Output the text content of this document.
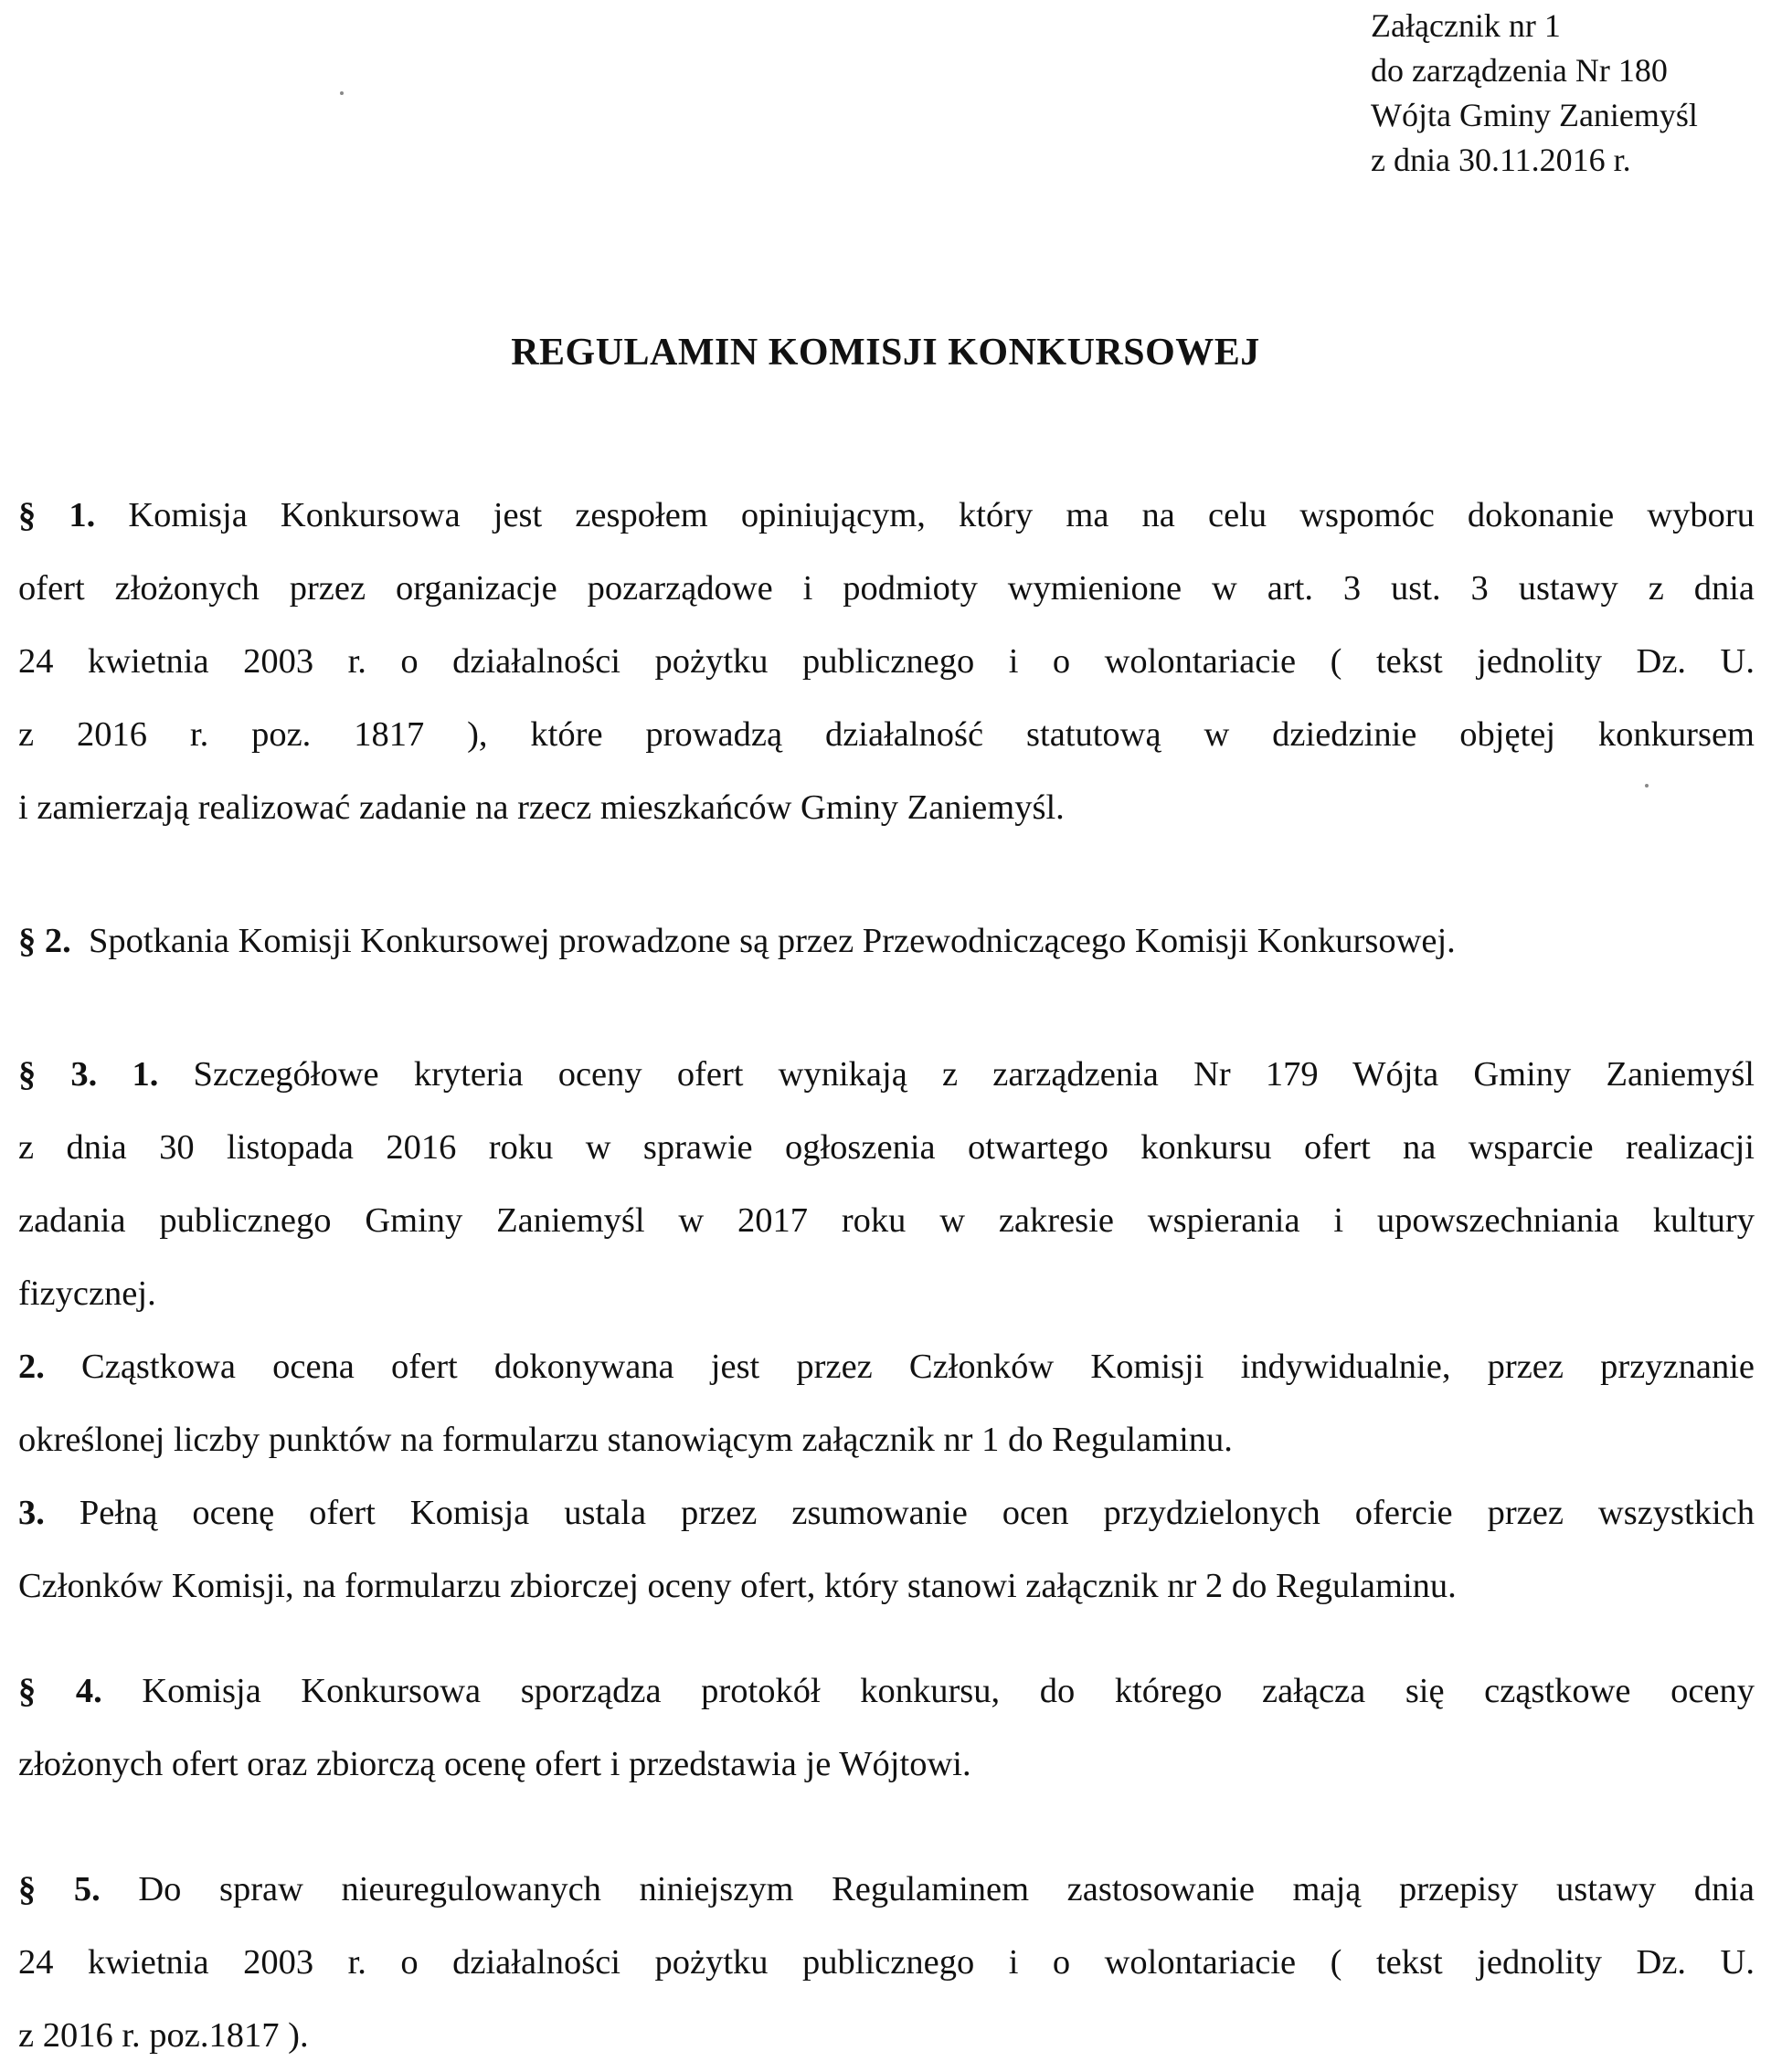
Załącznik nr 1
do zarządzenia Nr 180
Wójta Gminy Zaniemyśl
z dnia 30.11.2016 r.
REGULAMIN KOMISJI KONKURSOWEJ
§ 1. Komisja Konkursowa jest zespołem opiniującym, który ma na celu wspomóc dokonanie wyboru
ofert złożonych przez organizacje pozarządowe i podmioty wymienione w art. 3 ust. 3 ustawy z dnia
24 kwietnia 2003 r. o działalności pożytku publicznego i o wolontariacie ( tekst jednolity Dz. U.
z 2016 r. poz. 1817 ), które prowadzą działalność statutową w dziedzinie objętej konkursem
i zamierzają realizować zadanie na rzecz mieszkańców Gminy Zaniemyśl.
§ 2. Spotkania Komisji Konkursowej prowadzone są przez Przewodniczącego Komisji Konkursowej.
§ 3. 1. Szczegółowe kryteria oceny ofert wynikają z zarządzenia Nr 179 Wójta Gminy Zaniemyśl
z dnia 30 listopada 2016 roku w sprawie ogłoszenia otwartego konkursu ofert na wsparcie realizacji
zadania publicznego Gminy Zaniemyśl w 2017 roku w zakresie wspierania i upowszechniania kultury
fizycznej.
2. Cząstkowa ocena ofert dokonywana jest przez Członków Komisji indywidualnie, przez przyznanie
określonej liczby punktów na formularzu stanowiącym załącznik nr 1 do Regulaminu.
3. Pełną ocenę ofert Komisja ustala przez zsumowanie ocen przydzielonych ofercie przez wszystkich
Członków Komisji, na formularzu zbiorczej oceny ofert, który stanowi załącznik nr 2 do Regulaminu.
§ 4. Komisja Konkursowa sporządza protokół konkursu, do którego załącza się cząstkowe oceny
złożonych ofert oraz zbiorczą ocenę ofert i przedstawia je Wójtowi.
§ 5. Do spraw nieuregulowanych niniejszym Regulaminem zastosowanie mają przepisy ustawy dnia
24 kwietnia 2003 r. o działalności pożytku publicznego i o wolontariacie ( tekst jednolity Dz. U.
z 2016 r. poz.1817 ).
